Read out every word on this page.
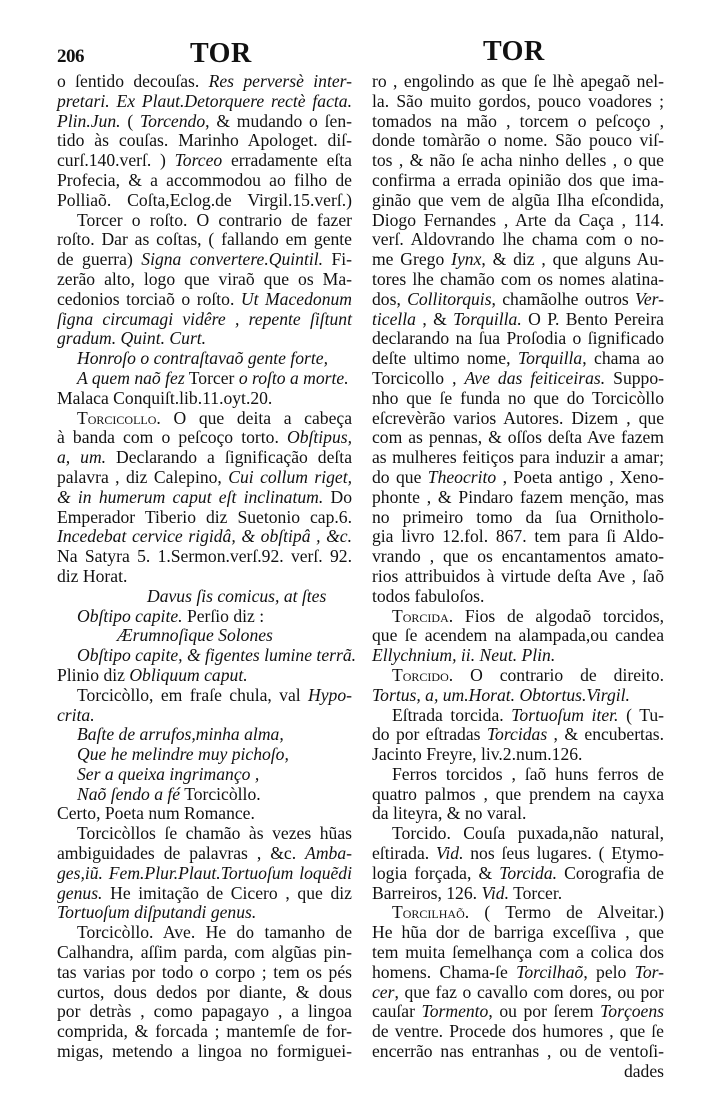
206	TOR	TOR
o ſentido decouſas. Res perversè inter-
pretari. Ex Plaut.Detorquere rectè facta.
Plin.Jun. ( Torcendo, & mudando o ſen-
tido às couſas. Marinho Apologet. diſ-
curſ.140.verſ. ) Torceo erradamente eſta
Profecia, & a accommodou ao filho de
Polliaõ. Coſta,Eclog.de Virgil.15.verſ.)
Torcer o roſto. O contrario de fazer
roſto. Dar as coſtas, ( fallando em gente
de guerra) Signa convertere.Quintil. Fi-
zerão alto, logo que viraõ que os Ma-
cedonios torciaõ o roſto. Ut Macedonum
ſigna circumagi vidêre , repente ſiſtunt
gradum. Quint. Curt.
Honroſo o contraſtavaõ gente forte,
A quem naõ fez Torcer o roſto a morte.
Malaca Conquiſt.lib.11.oyt.20.
Torcicollo. O que deita a cabeça
à banda com o peſcoço torto. Obſtipus,
a, um. Declarando a ſignificação deſta
palavra , diz Calepino, Cui collum riget,
& in humerum caput eſt inclinatum. Do
Emperador Tiberio diz Suetonio cap.6.
Incedebat cervice rigidâ, & obſtipâ , &c.
Na Satyra 5. 1.Sermon.verſ.92. verſ. 92.
diz Horat.
Davus ſis comicus, at ſtes
Obſtipo capite. Perſio diz :
Ærumnoſique Solones
Obſtipo capite, & figentes lumine terrã.
Plinio diz Obliquum caput.
Torcicòllo, em fraſe chula, val Hypo-
crita.
Baſte de arrufos,minha alma,
Que he melindre muy pichoſo,
Ser a queixa ingrimanço ,
Naõ ſendo a fé Torcicòllo.
Certo, Poeta num Romance.
Torcicòllos ſe chamão às vezes hũas
ambiguidades de palavras , &c. Amba-
ges,iũ. Fem.Plur.Plaut.Tortuoſum loquẽdi
genus. He imitação de Cicero , que diz
Tortuoſum diſputandi genus.
Torcicòllo. Ave. He do tamanho de
Calhandra, aſſim parda, com algũas pin-
tas varias por todo o corpo ; tem os pés
curtos, dous dedos por diante, & dous
por detràs , como papagayo , a lingoa
comprida, & forcada ; mantemſe de for-
migas, metendo a lingoa no formiguei-
ro , engolindo as que ſe lhè apegaõ nel-
la. São muito gordos, pouco voadores ;
tomados na mão , torcem o peſcoço ,
donde tomàrão o nome. São pouco viſ-
tos , & não ſe acha ninho delles , o que
confirma a errada opinião dos que ima-
ginão que vem de algũa Ilha eſcondida,
Diogo Fernandes , Arte da Caça , 114.
verſ. Aldovrando lhe chama com o no-
me Grego Iynx, & diz , que alguns Au-
tores lhe chamão com os nomes alatina-
dos, Collitorquis, chamãolhe outros Ver-
ticella , & Torquilla. O P. Bento Pereira
declarando na ſua Proſodia o ſignificado
deſte ultimo nome, Torquilla, chama ao
Torcicollo , Ave das feiticeiras. Suppo-
nho que ſe funda no que do Torcicòllo
eſcrevèrão varios Autores. Dizem , que
com as pennas, & oſſos deſta Ave fazem
as mulheres feitiços para induzir a amar;
do que Theocrito , Poeta antigo , Xeno-
phonte , & Pindaro fazem menção, mas
no primeiro tomo da ſua Ornitholo-
gia livro 12.fol. 867. tem para ſi Aldo-
vrando , que os encantamentos amato-
rios attribuidos à virtude deſta Ave , ſaõ
todos fabuloſos.
Torcida. Fios de algodaõ torcidos,
que ſe acendem na alampada,ou candea
Ellychnium, ii. Neut. Plin.
Torcido. O contrario de direito.
Tortus, a, um.Horat. Obtortus.Virgil.
Eſtrada torcida. Tortuoſum iter. ( Tu-
do por eſtradas Torcidas , & encubertas.
Jacinto Freyre, liv.2.num.126.
Ferros torcidos , ſaõ huns ferros de
quatro palmos , que prendem na cayxa
da liteyra, & no varal.
Torcido. Couſa puxada,não natural,
eſtirada. Vid. nos ſeus lugares. ( Etymo-
logia forçada, & Torcida. Corografia de
Barreiros, 126. Vid. Torcer.
Torcilhaõ. ( Termo de Alveitar.)
He hũa dor de barriga exceſſiva , que
tem muita ſemelhança com a colica dos
homens. Chama-ſe Torcilhaõ, pelo Tor-
cer, que faz o cavallo com dores, ou por
cauſar Tormento, ou por ſerem Torçoens
de ventre. Procede dos humores , que ſe
encerrão nas entranhas , ou de ventoſi-
dades
